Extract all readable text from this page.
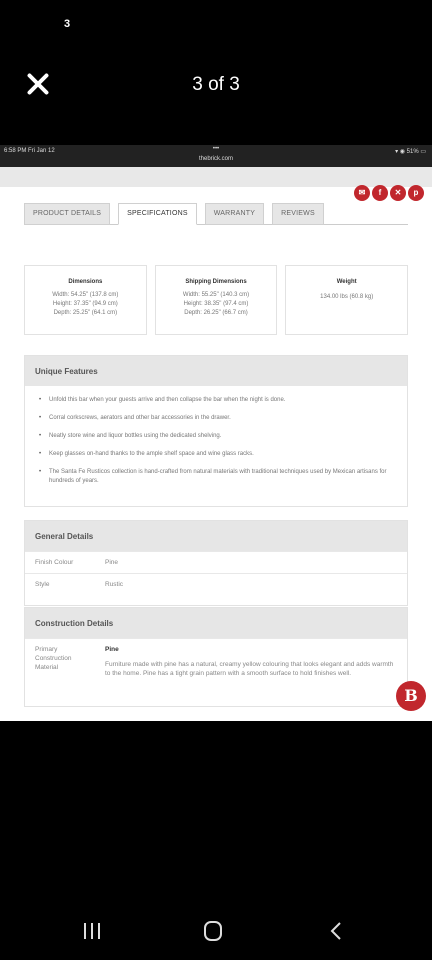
3
3 of 3
6:58 PM Fri Jan 12	•••
thebrick.com
▾ ◉ 51% ▭
✉	f	✕	p
PRODUCT DETAILS	SPECIFICATIONS	WARRANTY	REVIEWS
Dimensions
Width: 54.25" (137.8 cm)
Height: 37.35" (94.9 cm)
Depth: 25.25" (64.1 cm)
Shipping Dimensions
Width: 55.25" (140.3 cm)
Height: 38.35" (97.4 cm)
Depth: 26.25" (66.7 cm)
Weight
134.00 lbs (60.8 kg)
Unique Features
• Unfold this bar when your guests arrive and then collapse the bar when the night is done.
• Corral corkscrews, aerators and other bar accessories in the drawer.
• Neatly store wine and liquor bottles using the dedicated shelving.
• Keep glasses on-hand thanks to the ample shelf space and wine glass racks.
• The Santa Fe Rusticos collection is hand-crafted from natural materials with traditional techniques used by Mexican artisans for hundreds of years.
General Details
Finish Colour	Pine
Style	Rustic
Construction Details
Primary Construction Material
Pine
Furniture made with pine has a natural, creamy yellow colouring that looks elegant and adds warmth to the home. Pine has a tight grain pattern with a smooth surface to hold finishes well.
B
